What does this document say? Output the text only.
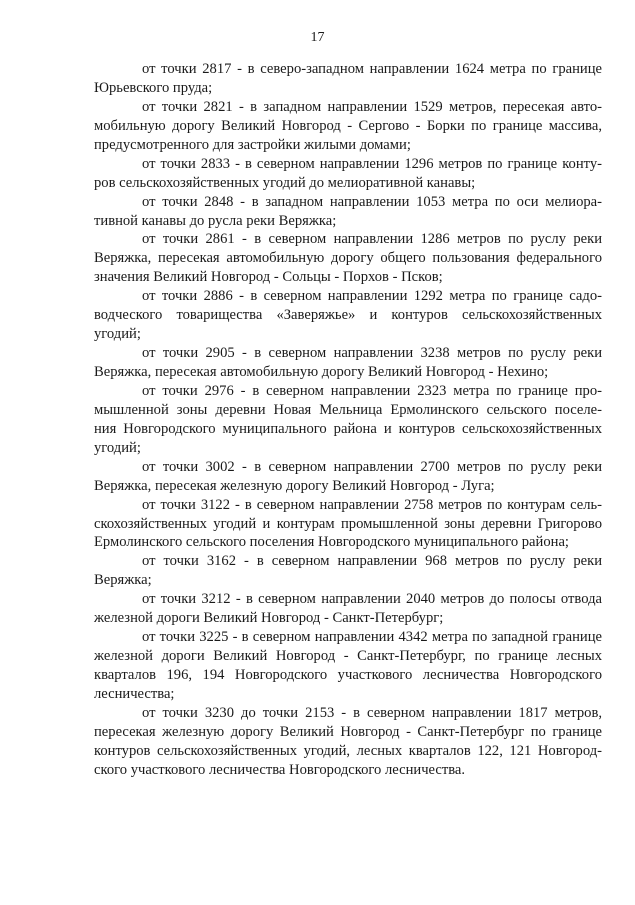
17
от точки 2817 - в северо-западном направлении 1624 метра по границе
Юрьевского пруда;
от точки 2821 - в западном направлении 1529 метров, пересекая авто-
мобильную дорогу Великий Новгород - Сергово - Борки по границе массива,
предусмотренного для застройки жилыми домами;
от точки 2833 - в северном направлении 1296 метров по границе конту-
ров сельскохозяйственных угодий до мелиоративной канавы;
от точки 2848 - в западном направлении 1053 метра по оси мелиора-
тивной канавы до русла реки Веряжка;
от точки 2861 - в северном направлении 1286 метров по руслу реки
Веряжка, пересекая автомобильную дорогу общего пользования федерального
значения Великий Новгород - Сольцы - Порхов - Псков;
от точки 2886 - в северном направлении 1292 метра по границе садо-
водческого товарищества «Заверяжье» и контуров сельскохозяйственных
угодий;
от точки 2905 - в северном направлении 3238 метров по руслу реки
Веряжка, пересекая автомобильную дорогу Великий Новгород - Нехино;
от точки 2976 - в северном направлении 2323 метра по границе про-
мышленной зоны деревни Новая Мельница Ермолинского сельского поселе-
ния Новгородского муниципального района и контуров сельскохозяйственных
угодий;
от точки 3002 - в северном направлении 2700 метров по руслу реки
Веряжка, пересекая железную дорогу Великий Новгород - Луга;
от точки 3122 - в северном направлении 2758 метров по контурам сель-
скохозяйственных угодий и контурам промышленной зоны деревни Григорово
Ермолинского сельского поселения Новгородского муниципального района;
от точки 3162 - в северном направлении 968 метров по руслу реки
Веряжка;
от точки 3212 - в северном направлении 2040 метров до полосы отвода
железной дороги Великий Новгород - Санкт-Петербург;
от точки 3225 - в северном направлении 4342 метра по западной границе
железной дороги Великий Новгород - Санкт-Петербург, по границе лесных
кварталов 196, 194 Новгородского участкового лесничества Новгородского
лесничества;
от точки 3230 до точки 2153 - в северном направлении 1817 метров,
пересекая железную дорогу Великий Новгород - Санкт-Петербург по границе
контуров сельскохозяйственных угодий, лесных кварталов 122, 121 Новгород-
ского участкового лесничества Новгородского лесничества.
